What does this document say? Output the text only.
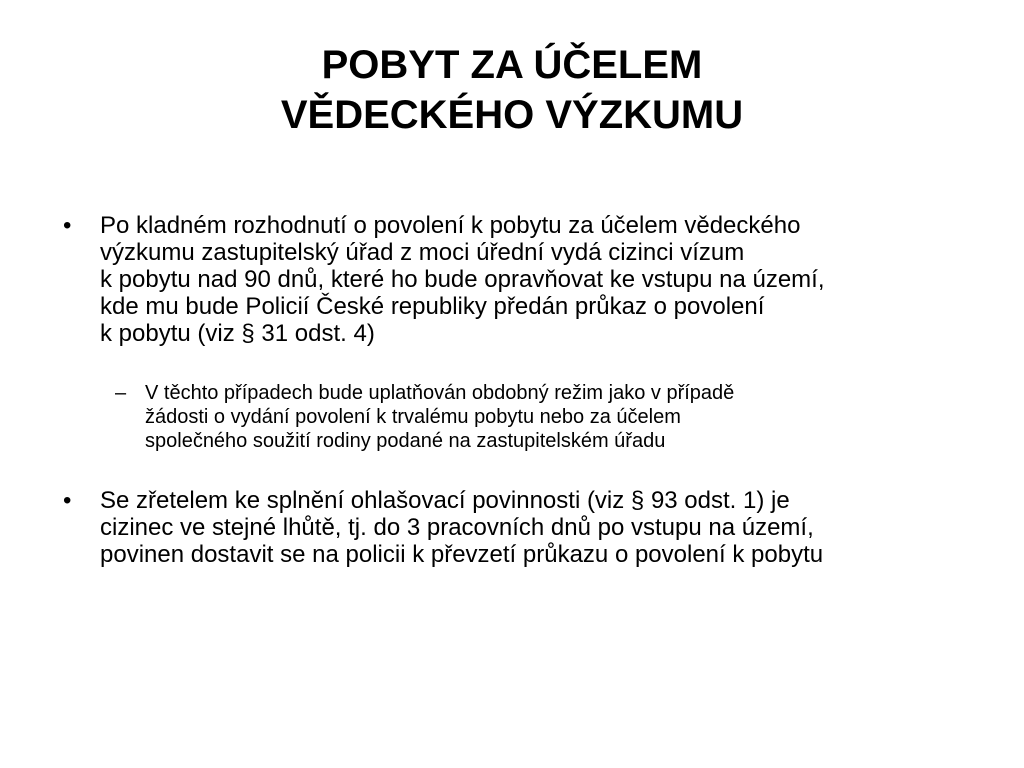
POBYT ZA ÚČELEM
VĚDECKÉHO VÝZKUMU
• Po kladném rozhodnutí o povolení k pobytu za účelem vědeckého
výzkumu zastupitelský úřad z moci úřední vydá cizinci vízum
k pobytu nad 90 dnů, které ho bude opravňovat ke vstupu na území,
kde mu bude Policií České republiky předán průkaz o povolení
k pobytu (viz § 31 odst. 4)
– V těchto případech bude uplatňován obdobný režim jako v případě
žádosti o vydání povolení k trvalému pobytu nebo za účelem
společného soužití rodiny podané na zastupitelském úřadu
• Se zřetelem ke splnění ohlašovací povinnosti (viz § 93 odst. 1) je
cizinec ve stejné lhůtě, tj. do 3 pracovních dnů po vstupu na území,
povinen dostavit se na policii k převzetí průkazu o povolení k pobytu
